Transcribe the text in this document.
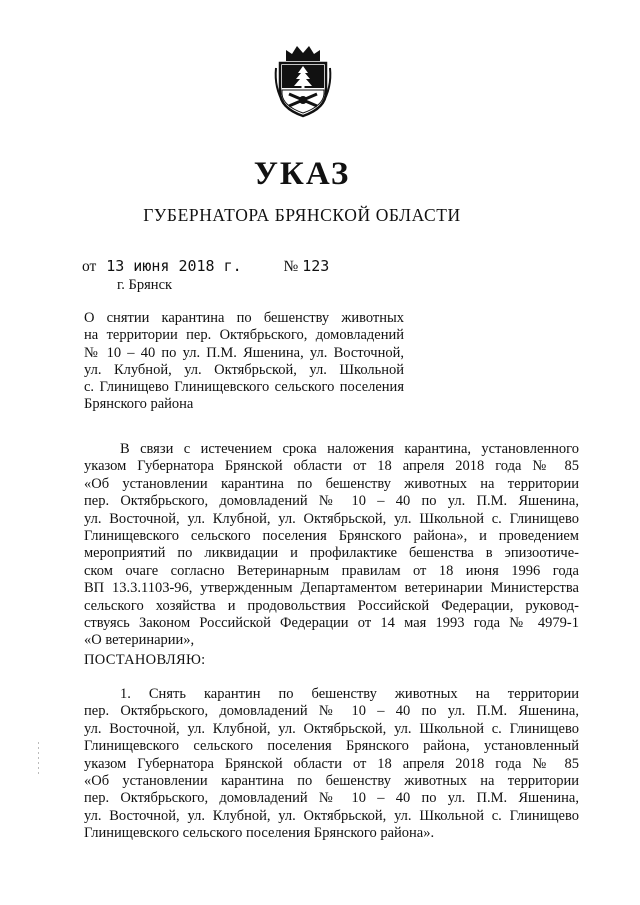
УКАЗ
ГУБЕРНАТОРА БРЯНСКОЙ ОБЛАСТИ
от 13 июня 2018 г.	№ 123
г. Брянск
О снятии карантина по бешенству животных
на территории пер. Октябрьского, домовладений
№ 10 – 40 по ул. П.М. Яшенина, ул. Восточной,
ул. Клубной, ул. Октябрьской, ул. Школьной
с. Глинищево Глинищевского сельского поселения
Брянского района
В связи с истечением срока наложения карантина, установленного
указом Губернатора Брянской области от 18 апреля 2018 года № 85
«Об установлении карантина по бешенству животных на территории
пер. Октябрьского, домовладений № 10 – 40 по ул. П.М. Яшенина,
ул. Восточной, ул. Клубной, ул. Октябрьской, ул. Школьной с. Глинищево
Глинищевского сельского поселения Брянского района», и проведением
мероприятий по ликвидации и профилактике бешенства в эпизоотиче-
ском очаге согласно Ветеринарным правилам от 18 июня 1996 года
ВП 13.3.1103-96, утвержденным Департаментом ветеринарии Министерства
сельского хозяйства и продовольствия Российской Федерации, руковод-
ствуясь Законом Российской Федерации от 14 мая 1993 года № 4979-1
«О ветеринарии»,
ПОСТАНОВЛЯЮ:
1. Снять карантин по бешенству животных на территории
пер. Октябрьского, домовладений № 10 – 40 по ул. П.М. Яшенина,
ул. Восточной, ул. Клубной, ул. Октябрьской, ул. Школьной с. Глинищево
Глинищевского сельского поселения Брянского района, установленный
указом Губернатора Брянской области от 18 апреля 2018 года № 85
«Об установлении карантина по бешенству животных на территории
пер. Октябрьского, домовладений № 10 – 40 по ул. П.М. Яшенина,
ул. Восточной, ул. Клубной, ул. Октябрьской, ул. Школьной с. Глинищево
Глинищевского сельского поселения Брянского района».
